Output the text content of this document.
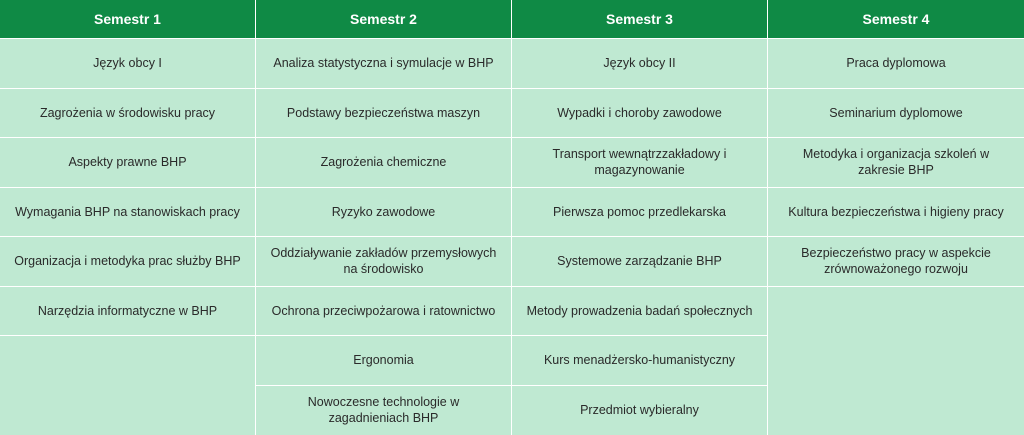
Semestr 1
Język obcy I
Zagrożenia w środowisku pracy
Aspekty prawne BHP
Wymagania BHP na stanowiskach pracy
Organizacja i metodyka prac służby BHP
Narzędzia informatyczne w BHP
Semestr 2
Analiza statystyczna i symulacje w BHP
Podstawy bezpieczeństwa maszyn
Zagrożenia chemiczne
Ryzyko zawodowe
Oddziaływanie zakładów przemysłowych na środowisko
Ochrona przeciwpożarowa i ratownictwo
Ergonomia
Nowoczesne technologie w zagadnieniach BHP
Semestr 3
Język obcy II
Wypadki i choroby zawodowe
Transport wewnątrzzakładowy i magazynowanie
Pierwsza pomoc przedlekarska
Systemowe zarządzanie BHP
Metody prowadzenia badań społecznych
Kurs menadżersko-humanistyczny
Przedmiot wybieralny
Semestr 4
Praca dyplomowa
Seminarium dyplomowe
Metodyka i organizacja szkoleń w zakresie BHP
Kultura bezpieczeństwa i higieny pracy
Bezpieczeństwo pracy w aspekcie zrównoważonego rozwoju
